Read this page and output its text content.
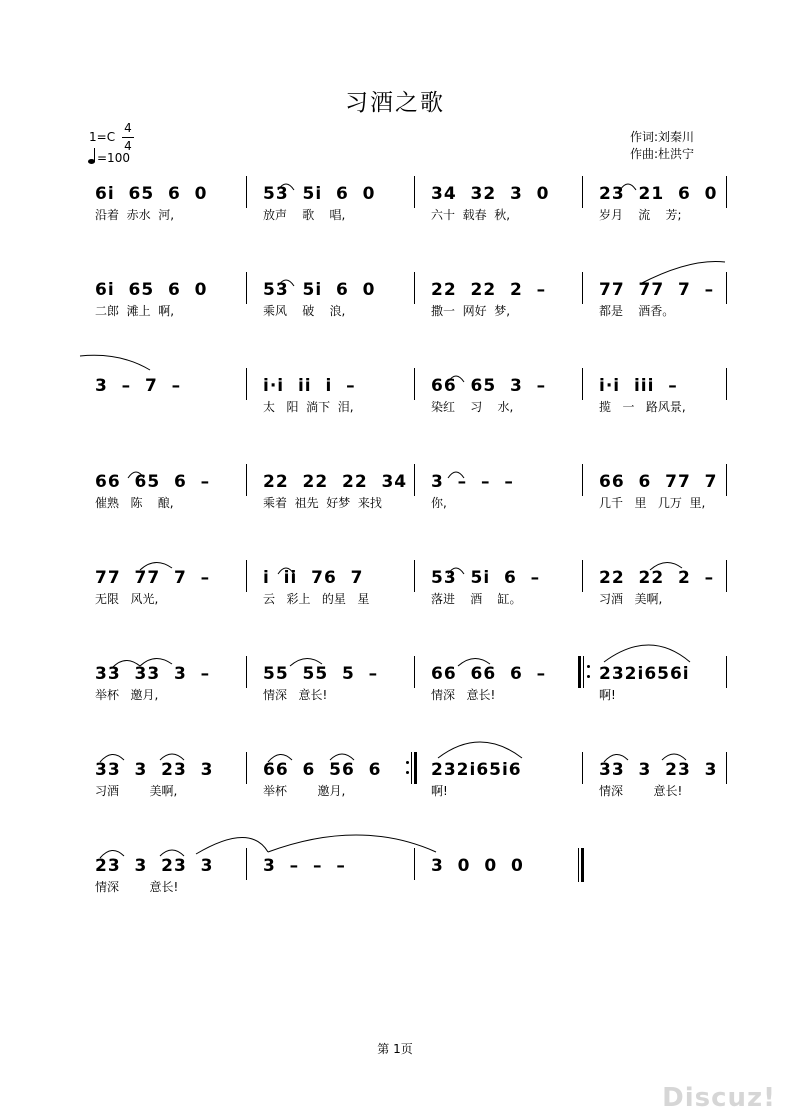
习酒之歌
1=C
4
4
=100
作词:刘秦川
作曲:杜洪宁
6i  65  6  0
沿着  赤水  河,
53  5i  6  0
放声    歌    唱,
34  32  3  0
六十  载春  秋,
23  21  6  0
岁月    流    芳;
6i  65  6  0
二郎  滩上  啊,
53  5i  6  0
乘风    破    浪,
22  22  2  –
撒一  网好  梦,
77  77  7  –
都是    酒香。
3  –  7  –	i·i  ii  i  –
太   阳  淌下  泪,
66  65  3  –
染红    习    水,
i·i  iii  –
揽   一   路风景,
66  65  6  –
催熟   陈    酿,
22  22  22  34
乘着  祖先  好梦  来找
3  –  –  –
你,
66  6  77  7
几千   里   几万  里,
77  77  7  –
无限   风光,
i  ii  76  7
云   彩上   的星   星
53  5i  6  –
落进    酒    缸。
22  22  2  –
习酒   美啊,
33  33  3  –
举杯   邀月,
55  55  5  –
情深   意长!
66  66  6  –
情深   意长!
232i656i
啊!
33  3  23  3
习酒        美啊,
66  6  56  6
举杯        邀月,
232i65i6
啊!
33  3  23  3
情深        意长!
23  3  23  3
情深        意长!
3  –  –  –	3  0  0  0
第 1页
Discuz!
